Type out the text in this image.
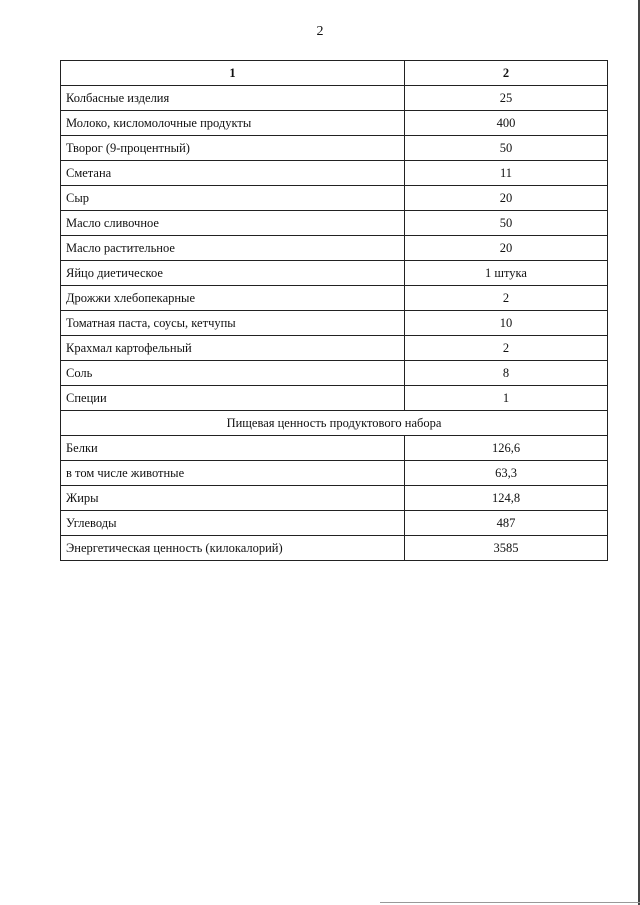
2
1	2
Колбасные изделия	25
Молоко, кисломолочные продукты	400
Творог (9-процентный)	50
Сметана	11
Сыр	20
Масло сливочное	50
Масло растительное	20
Яйцо диетическое	1 штука
Дрожжи хлебопекарные	2
Томатная паста, соусы, кетчупы	10
Крахмал картофельный	2
Соль	8
Специи	1
Пищевая ценность продуктового набора	
Белки	126,6
в том числе животные	63,3
Жиры	124,8
Углеводы	487
Энергетическая ценность (килокалорий)	3585
